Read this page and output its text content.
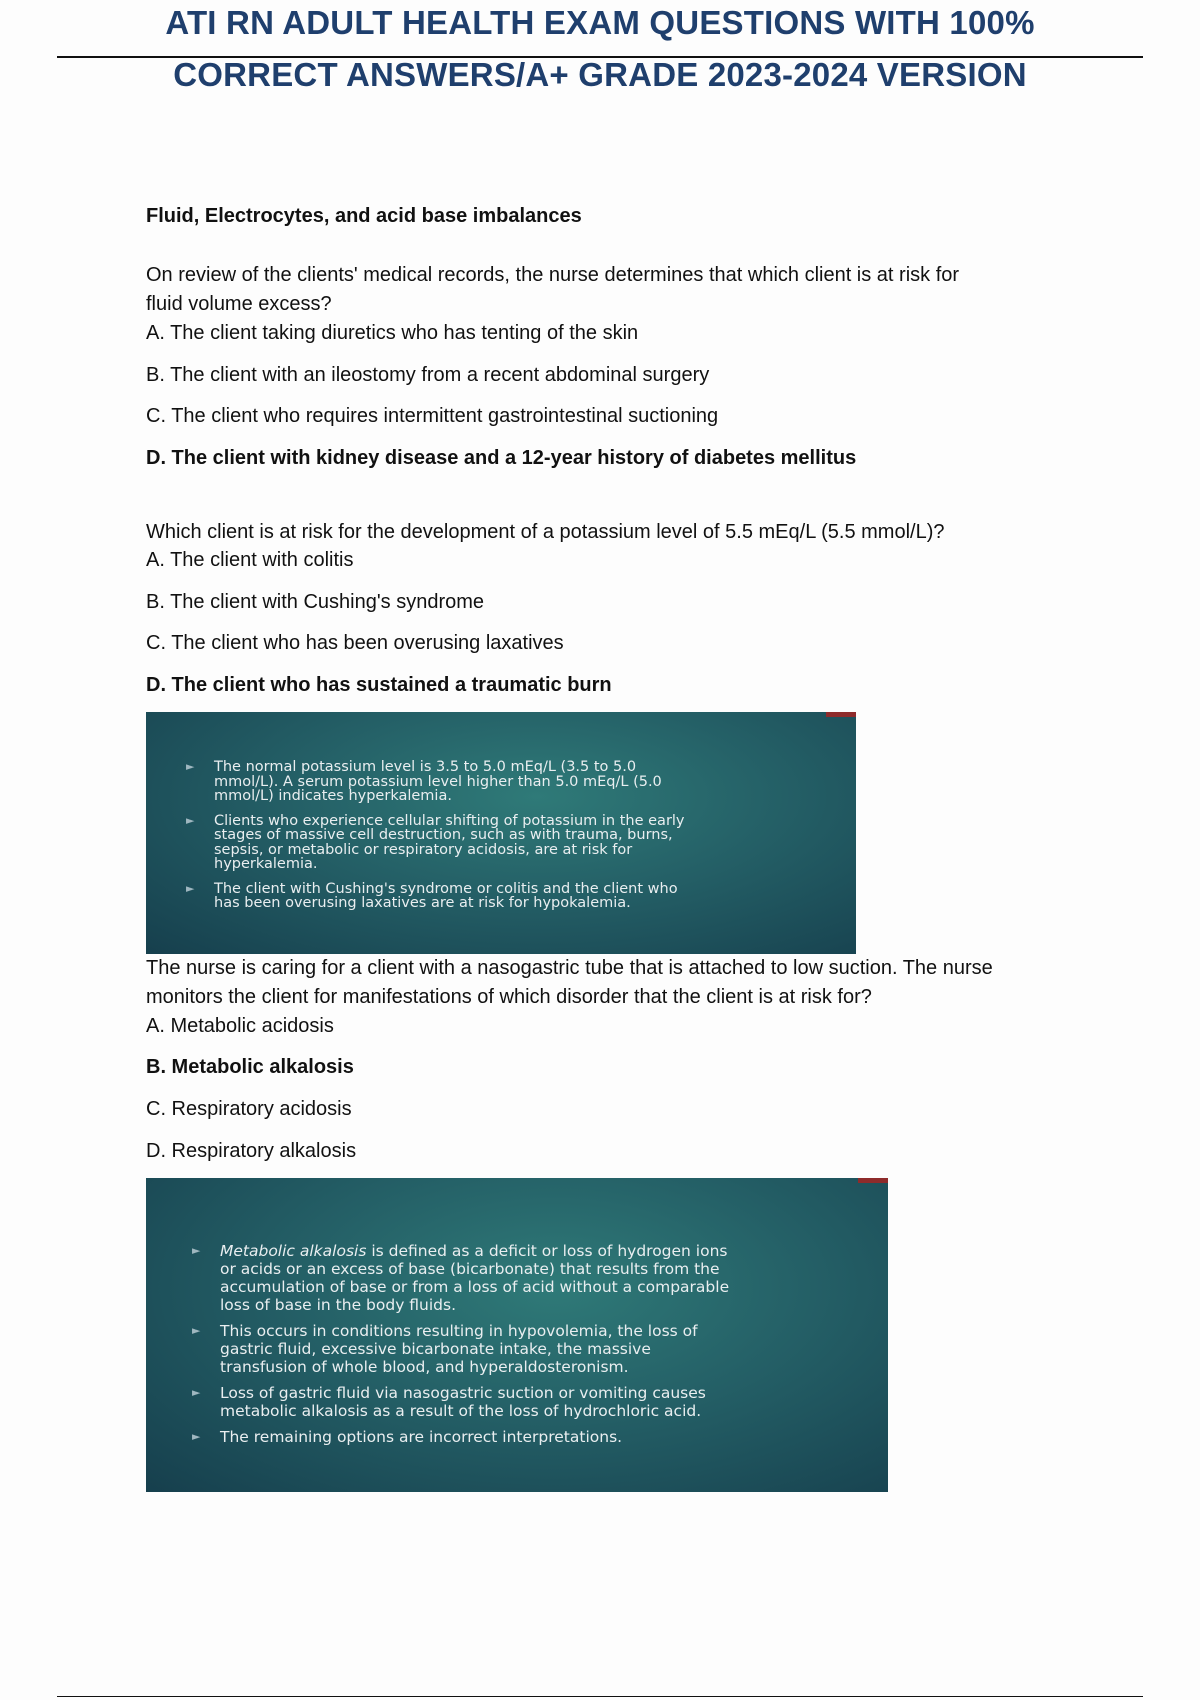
ATI RN ADULT HEALTH EXAM QUESTIONS WITH 100%
CORRECT ANSWERS/A+ GRADE 2023-2024 VERSION
Fluid, Electrocytes, and acid base imbalances
On review of the clients' medical records, the nurse determines that which client is at risk for
fluid volume excess?
A. The client taking diuretics who has tenting of the skin
B. The client with an ileostomy from a recent abdominal surgery
C. The client who requires intermittent gastrointestinal suctioning
D. The client with kidney disease and a 12-year history of diabetes mellitus
Which client is at risk for the development of a potassium level of 5.5 mEq/L (5.5 mmol/L)?
A. The client with colitis
B. The client with Cushing's syndrome
C. The client who has been overusing laxatives
D. The client who has sustained a traumatic burn
► The normal potassium level is 3.5 to 5.0 mEq/L (3.5 to 5.0
mmol/L). A serum potassium level higher than 5.0 mEq/L (5.0
mmol/L) indicates hyperkalemia.
► Clients who experience cellular shifting of potassium in the early
stages of massive cell destruction, such as with trauma, burns,
sepsis, or metabolic or respiratory acidosis, are at risk for
hyperkalemia.
► The client with Cushing's syndrome or colitis and the client who
has been overusing laxatives are at risk for hypokalemia.
The nurse is caring for a client with a nasogastric tube that is attached to low suction. The nurse
monitors the client for manifestations of which disorder that the client is at risk for?
A. Metabolic acidosis
B. Metabolic alkalosis
C. Respiratory acidosis
D. Respiratory alkalosis
► Metabolic alkalosis is defined as a deficit or loss of hydrogen ions
or acids or an excess of base (bicarbonate) that results from the
accumulation of base or from a loss of acid without a comparable
loss of base in the body fluids.
► This occurs in conditions resulting in hypovolemia, the loss of
gastric fluid, excessive bicarbonate intake, the massive
transfusion of whole blood, and hyperaldosteronism.
► Loss of gastric fluid via nasogastric suction or vomiting causes
metabolic alkalosis as a result of the loss of hydrochloric acid.
► The remaining options are incorrect interpretations.
